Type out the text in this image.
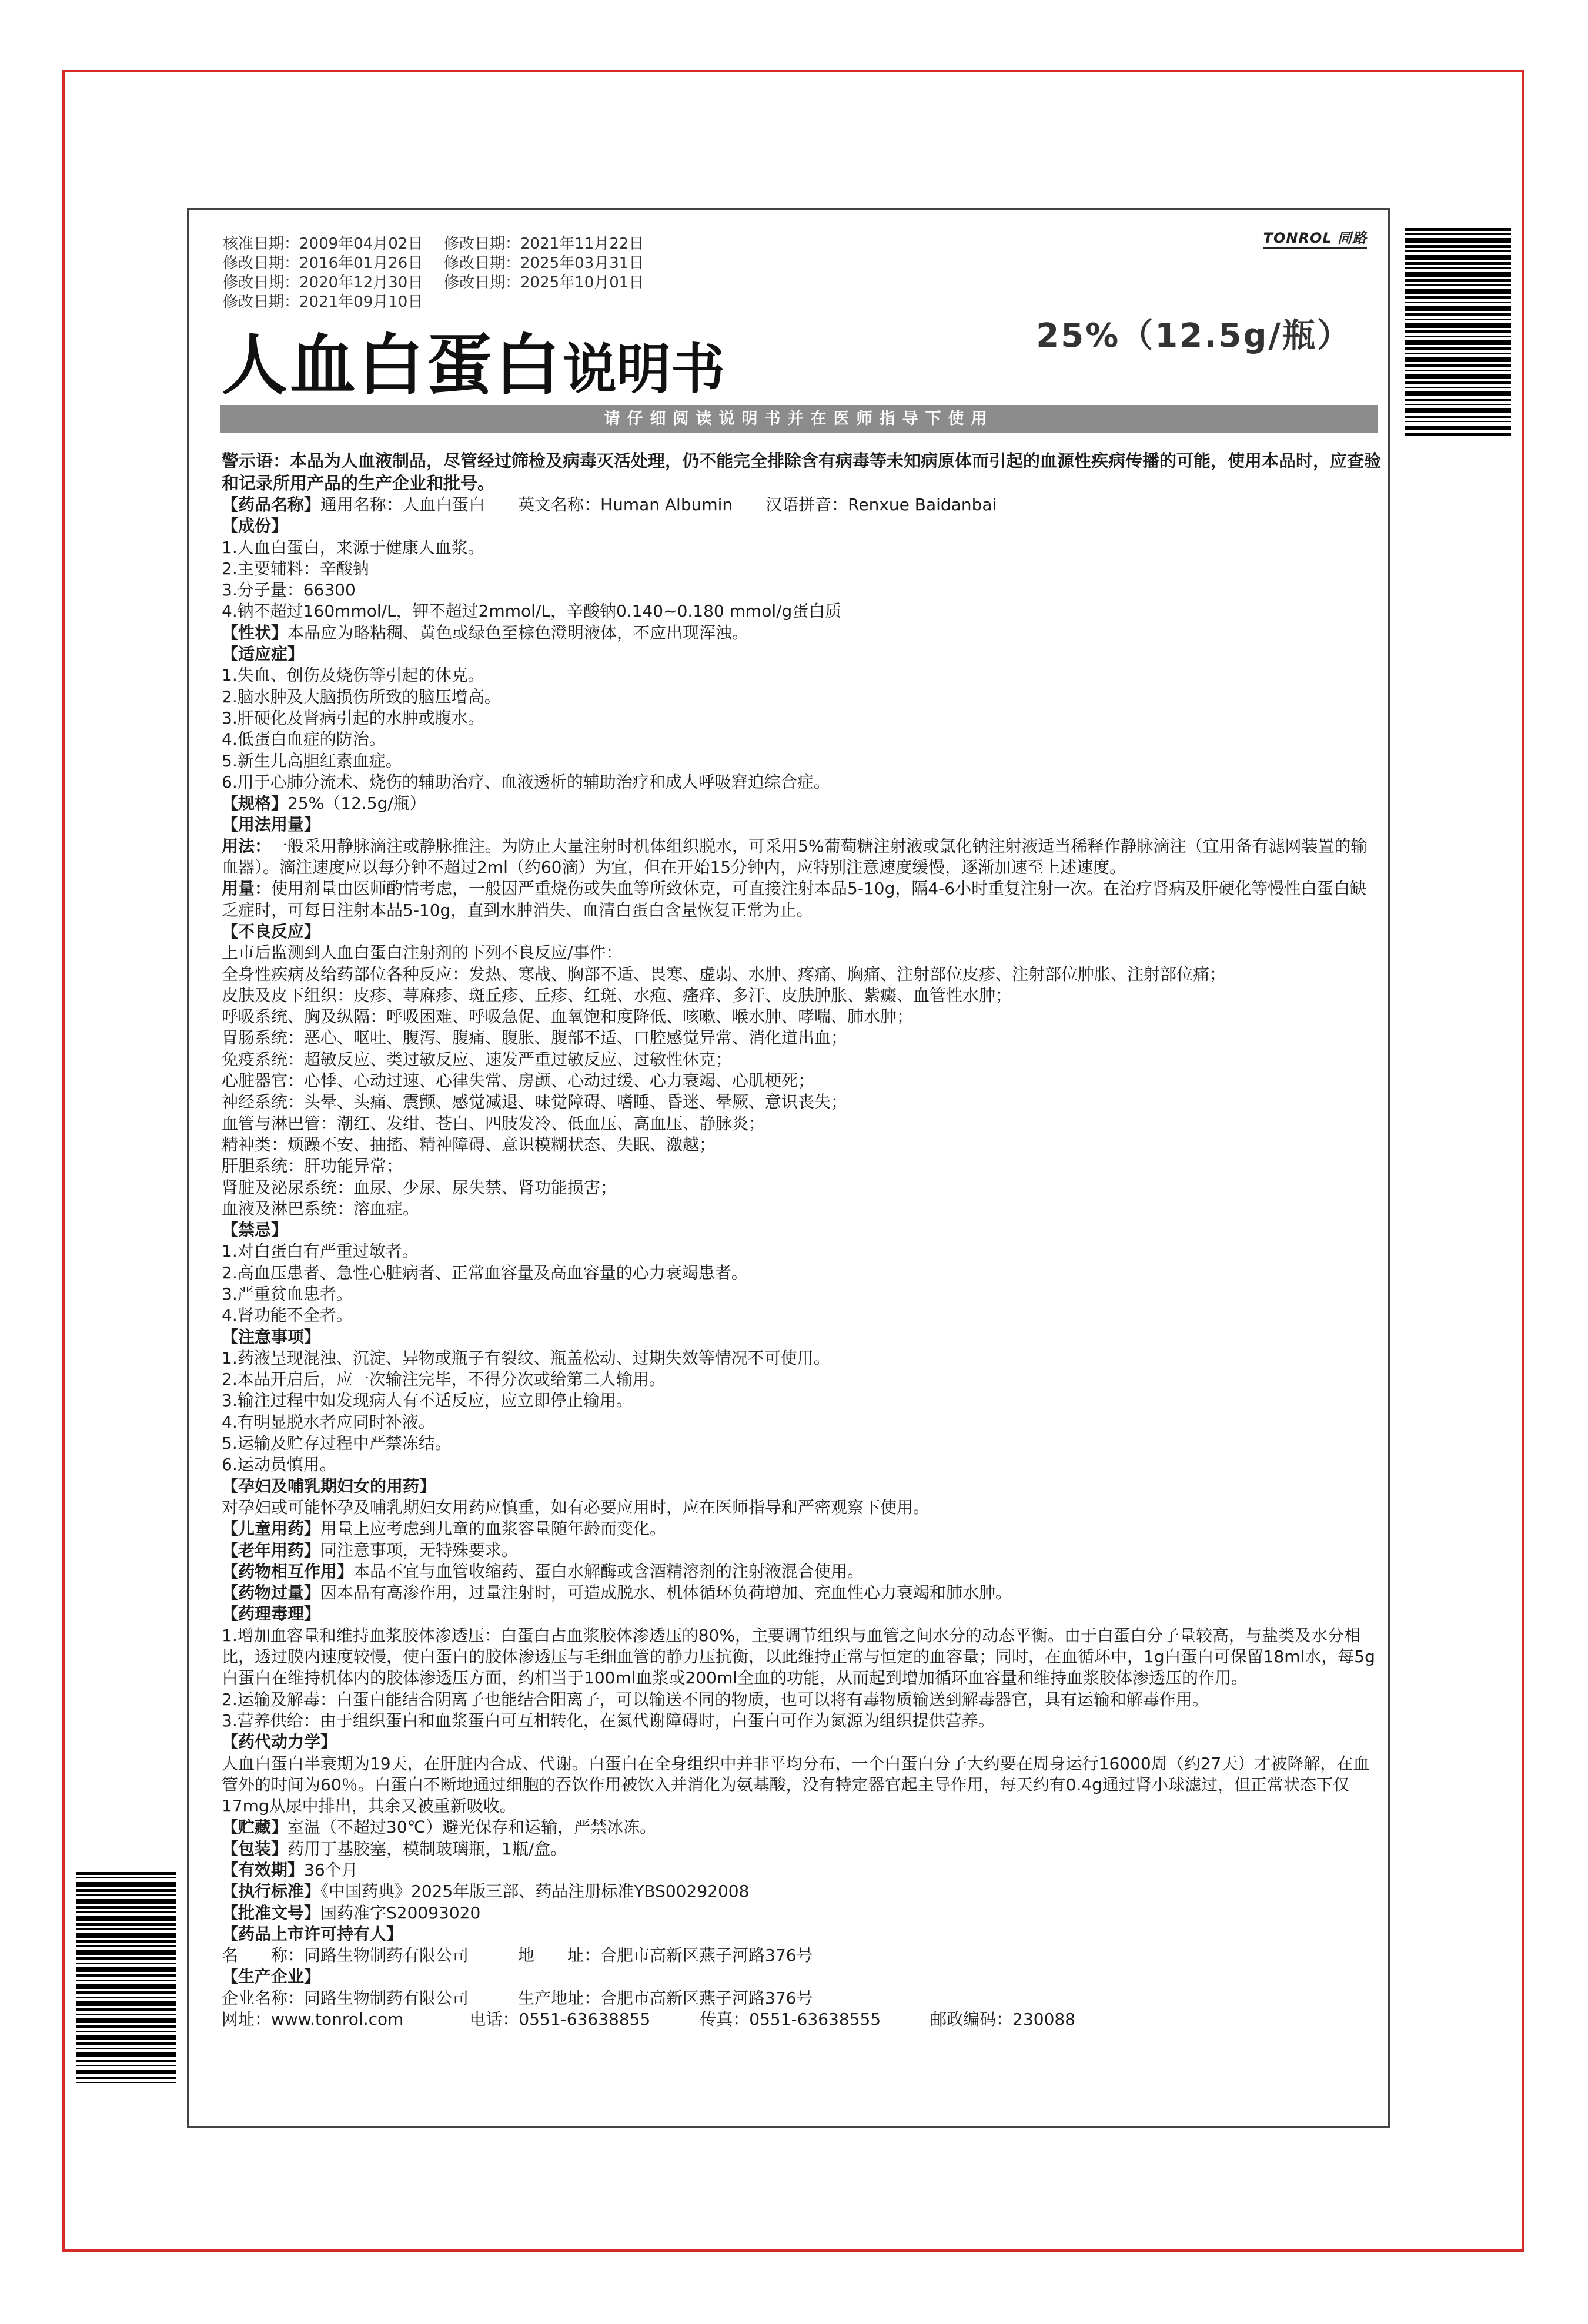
核准日期：2009年04月02日 修改日期：2021年11月22日
修改日期：2016年01月26日 修改日期：2025年03月31日
修改日期：2020年12月30日 修改日期：2025年10月01日
修改日期：2021年09月10日
TONROL 同路
人血白蛋白说明书
25%（12.5g/瓶）
请仔细阅读说明书并在医师指导下使用

警示语：本品为人血液制品，尽管经过筛检及病毒灭活处理，仍不能完全排除含有病毒等未知病原体而引起的血源性疾病传播的可能，使用本品时，应查验和记录所用产品的生产企业和批号。

【药品名称】通用名称：人血白蛋白　　英文名称：Human Albumin　　汉语拼音：Renxue Baidanbai

【成份】

1.人血白蛋白，来源于健康人血浆。

2.主要辅料：辛酸钠

3.分子量：66300

4.钠不超过160mmol/L，钾不超过2mmol/L，辛酸钠0.140~0.180 mmol/g蛋白质

【性状】本品应为略粘稠、黄色或绿色至棕色澄明液体，不应出现浑浊。

【适应症】

1.失血、创伤及烧伤等引起的休克。

2.脑水肿及大脑损伤所致的脑压增高。

3.肝硬化及肾病引起的水肿或腹水。

4.低蛋白血症的防治。

5.新生儿高胆红素血症。

6.用于心肺分流术、烧伤的辅助治疗、血液透析的辅助治疗和成人呼吸窘迫综合症。

【规格】25%（12.5g/瓶）

【用法用量】

用法：一般采用静脉滴注或静脉推注。为防止大量注射时机体组织脱水，可采用5%葡萄糖注射液或氯化钠注射液适当稀释作静脉滴注（宜用备有滤网装置的输血器）。滴注速度应以每分钟不超过2ml（约60滴）为宜，但在开始15分钟内，应特别注意速度缓慢，逐渐加速至上述速度。

用量：使用剂量由医师酌情考虑，一般因严重烧伤或失血等所致休克，可直接注射本品5-10g，隔4-6小时重复注射一次。在治疗肾病及肝硬化等慢性白蛋白缺乏症时，可每日注射本品5-10g，直到水肿消失、血清白蛋白含量恢复正常为止。

【不良反应】

上市后监测到人血白蛋白注射剂的下列不良反应/事件：

全身性疾病及给药部位各种反应：发热、寒战、胸部不适、畏寒、虚弱、水肿、疼痛、胸痛、注射部位皮疹、注射部位肿胀、注射部位痛；

皮肤及皮下组织：皮疹、荨麻疹、斑丘疹、丘疹、红斑、水疱、瘙痒、多汗、皮肤肿胀、紫癜、血管性水肿；

呼吸系统、胸及纵隔：呼吸困难、呼吸急促、血氧饱和度降低、咳嗽、喉水肿、哮喘、肺水肿；

胃肠系统：恶心、呕吐、腹泻、腹痛、腹胀、腹部不适、口腔感觉异常、消化道出血；

免疫系统：超敏反应、类过敏反应、速发严重过敏反应、过敏性休克；

心脏器官：心悸、心动过速、心律失常、房颤、心动过缓、心力衰竭、心肌梗死；

神经系统：头晕、头痛、震颤、感觉减退、味觉障碍、嗜睡、昏迷、晕厥、意识丧失；

血管与淋巴管：潮红、发绀、苍白、四肢发冷、低血压、高血压、静脉炎；

精神类：烦躁不安、抽搐、精神障碍、意识模糊状态、失眠、激越；

肝胆系统：肝功能异常；

肾脏及泌尿系统：血尿、少尿、尿失禁、肾功能损害；

血液及淋巴系统：溶血症。

【禁忌】

1.对白蛋白有严重过敏者。

2.高血压患者、急性心脏病者、正常血容量及高血容量的心力衰竭患者。

3.严重贫血患者。

4.肾功能不全者。

【注意事项】

1.药液呈现混浊、沉淀、异物或瓶子有裂纹、瓶盖松动、过期失效等情况不可使用。

2.本品开启后，应一次输注完毕，不得分次或给第二人输用。

3.输注过程中如发现病人有不适反应，应立即停止输用。

4.有明显脱水者应同时补液。

5.运输及贮存过程中严禁冻结。

6.运动员慎用。

【孕妇及哺乳期妇女的用药】

对孕妇或可能怀孕及哺乳期妇女用药应慎重，如有必要应用时，应在医师指导和严密观察下使用。

【儿童用药】用量上应考虑到儿童的血浆容量随年龄而变化。

【老年用药】同注意事项，无特殊要求。

【药物相互作用】本品不宜与血管收缩药、蛋白水解酶或含酒精溶剂的注射液混合使用。

【药物过量】因本品有高渗作用，过量注射时，可造成脱水、机体循环负荷增加、充血性心力衰竭和肺水肿。

【药理毒理】

1.增加血容量和维持血浆胶体渗透压：白蛋白占血浆胶体渗透压的80%，主要调节组织与血管之间水分的动态平衡。由于白蛋白分子量较高，与盐类及水分相比，透过膜内速度较慢，使白蛋白的胶体渗透压与毛细血管的静力压抗衡，以此维持正常与恒定的血容量；同时，在血循环中，1g白蛋白可保留18ml水，每5g白蛋白在维持机体内的胶体渗透压方面，约相当于100ml血浆或200ml全血的功能，从而起到增加循环血容量和维持血浆胶体渗透压的作用。

2.运输及解毒：白蛋白能结合阴离子也能结合阳离子，可以输送不同的物质，也可以将有毒物质输送到解毒器官，具有运输和解毒作用。

3.营养供给：由于组织蛋白和血浆蛋白可互相转化，在氮代谢障碍时，白蛋白可作为氮源为组织提供营养。

【药代动力学】

人血白蛋白半衰期为19天，在肝脏内合成、代谢。白蛋白在全身组织中并非平均分布，一个白蛋白分子大约要在周身运行16000周（约27天）才被降解，在血管外的时间为60％。白蛋白不断地通过细胞的吞饮作用被饮入并消化为氨基酸，没有特定器官起主导作用，每天约有0.4g通过肾小球滤过，但正常状态下仅17mg从尿中排出，其余又被重新吸收。

【贮藏】室温（不超过30℃）避光保存和运输，严禁冰冻。

【包装】药用丁基胶塞，模制玻璃瓶，1瓶/盒。

【有效期】36个月

【执行标准】《中国药典》2025年版三部、药品注册标准YBS00292008

【批准文号】国药准字S20093020

【药品上市许可持有人】

名　　称：同路生物制药有限公司　　　地　　址：合肥市高新区燕子河路376号

【生产企业】

企业名称：同路生物制药有限公司　　　生产地址：合肥市高新区燕子河路376号

网址：www.tonrol.com　　　　电话：0551-63638855　　　传真：0551-63638555　　　邮政编码：230088
